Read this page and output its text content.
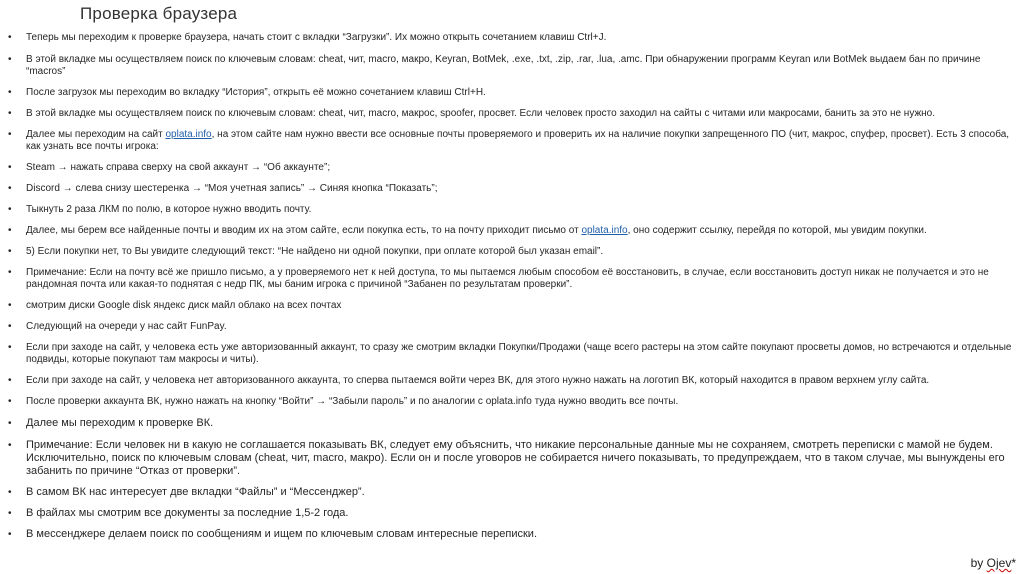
Проверка браузера
• Теперь мы переходим к проверке браузера, начать стоит с вкладки “Загрузки”. Их можно открыть сочетанием клавиш Ctrl+J.
• В этой вкладке мы осуществляем поиск по ключевым словам: cheat, чит, macro, макро, Keyran, BotMek, .exe, .txt, .zip, .rar, .lua, .amc. При обнаружении программ Keyran или BotMek выдаем бан по причине “macros”
• После загрузок мы переходим во вкладку “История”, открыть её можно сочетанием клавиш Ctrl+H.
• В этой вкладке мы осуществляем поиск по ключевым словам: cheat, чит, macro, макрос, spoofer, просвет. Если человек просто заходил на сайты с читами или макросами, банить за это не нужно.
• Далее мы переходим на сайт oplata.info, на этом сайте нам нужно ввести все основные почты проверяемого и проверить их на наличие покупки запрещенного ПО (чит, макрос, спуфер, просвет). Есть 3 способа, как узнать все почты игрока:
• Steam → нажать справа сверху на свой аккаунт → “Об аккаунте”;
• Discord → слева снизу шестеренка → “Моя учетная запись” → Синяя кнопка “Показать”;
• Тыкнуть 2 раза ЛКМ по полю, в которое нужно вводить почту.
• Далее, мы берем все найденные почты и вводим их на этом сайте, если покупка есть, то на почту приходит письмо от oplata.info, оно содержит ссылку, перейдя по которой, мы увидим покупки.
• 5) Если покупки нет, то Вы увидите следующий текст: “Не найдено ни одной покупки, при оплате которой был указан email”.
• Примечание: Если на почту всё же пришло письмо, а у проверяемого нет к ней доступа, то мы пытаемся любым способом её восстановить, в случае, если восстановить доступ никак не получается и это не рандомная почта или какая-то поднятая с недр ПК, мы баним игрока с причиной “Забанен по результатам проверки”.
• смотрим диски Google disk яндекс диск майл облако на всех почтах
• Следующий на очереди у нас сайт FunPay.
• Если при заходе на сайт, у человека есть уже авторизованный аккаунт, то сразу же смотрим вкладки Покупки/Продажи (чаще всего растеры на этом сайте покупают просветы домов, но встречаются и отдельные подвиды, которые покупают там макросы и читы).
• Если при заходе на сайт, у человека нет авторизованного аккаунта, то сперва пытаемся войти через ВК, для этого нужно нажать на логотип ВК, который находится в правом верхнем углу сайта.
• После проверки аккаунта ВК, нужно нажать на кнопку “Войти” → “Забыли пароль” и по аналогии с oplata.info туда нужно вводить все почты.
• Далее мы переходим к проверке ВК.
• Примечание: Если человек ни в какую не соглашается показывать ВК, следует ему объяснить, что никакие персональные данные мы не сохраняем, смотреть переписки с мамой не будем. Исключительно, поиск по ключевым словам (cheat, чит, macro, макро). Если он и после уговоров не собирается ничего показывать, то предупреждаем, что в таком случае, мы вынуждены его забанить по причине “Отказ от проверки”.
• В самом ВК нас интересует две вкладки “Файлы” и “Мессенджер”.
• В файлах мы смотрим все документы за последние 1,5-2 года.
• В мессенджере делаем поиск по сообщениям и ищем по ключевым словам интересные переписки.
by Ojev*
